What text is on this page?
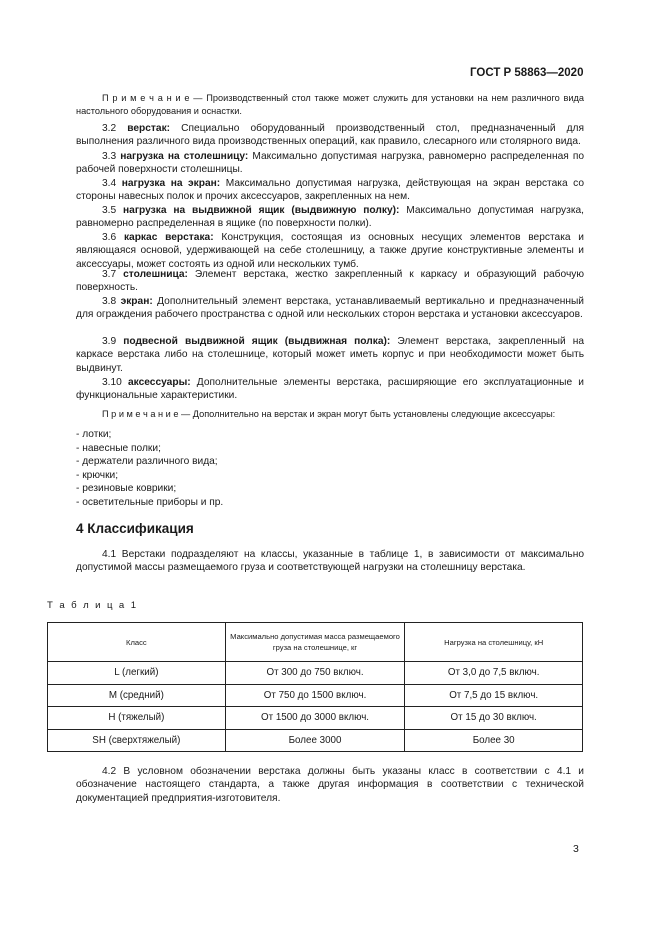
ГОСТ Р 58863—2020

П р и м е ч а н и е — Производственный стол также может служить для установки на нем различного вида настольного оборудования и оснастки.

3.2 верстак: Специально оборудованный производственный стол, предназначенный для выполнения различного вида производственных операций, как правило, слесарного или столярного вида.

3.3 нагрузка на столешницу: Максимально допустимая нагрузка, равномерно распределенная по рабочей поверхности столешницы.

3.4 нагрузка на экран: Максимально допустимая нагрузка, действующая на экран верстака со стороны навесных полок и прочих аксессуаров, закрепленных на нем.

3.5 нагрузка на выдвижной ящик (выдвижную полку): Максимально допустимая нагрузка, равномерно распределенная в ящике (по поверхности полки).

3.6 каркас верстака: Конструкция, состоящая из основных несущих элементов верстака и являющаяся основой, удерживающей на себе столешницу, а также другие конструктивные элементы и аксессуары, может состоять из одной или нескольких тумб.

3.7 столешница: Элемент верстака, жестко закрепленный к каркасу и образующий рабочую поверхность.

3.8 экран: Дополнительный элемент верстака, устанавливаемый вертикально и предназначенный для ограждения рабочего пространства с одной или нескольких сторон верстака и установки аксессуаров.

3.9 подвесной выдвижной ящик (выдвижная полка): Элемент верстака, закрепленный на каркасе верстака либо на столешнице, который может иметь корпус и при необходимости может быть выдвинут.

3.10 аксессуары: Дополнительные элементы верстака, расширяющие его эксплуатационные и функциональные характеристики.

П р и м е ч а н и е — Дополнительно на верстак и экран могут быть установлены следующие аксессуары:

- лотки;
- навесные полки;
- держатели различного вида;
- крючки;
- резиновые коврики;
- осветительные приборы и пр.
4 Классификация

4.1 Верстаки подразделяют на классы, указанные в таблице 1, в зависимости от максимально допустимой массы размещаемого груза и соответствующей нагрузки на столешницу верстака.

Т а б л и ц а 1
Класс	Максимально допустимая масса размещаемого груза на столешнице, кг	Нагрузка на столешницу, кН
L (легкий)	От 300 до 750 включ.	От 3,0 до 7,5 включ.
M (средний)	От 750 до 1500 включ.	От 7,5 до 15 включ.
H (тяжелый)	От 1500 до 3000 включ.	От 15 до 30 включ.
SH (сверхтяжелый)	Более 3000	Более 30

4.2 В условном обозначении верстака должны быть указаны класс в соответствии с 4.1 и обозначение настоящего стандарта, а также другая информация в соответствии с технической документацией предприятия-изготовителя.

3
